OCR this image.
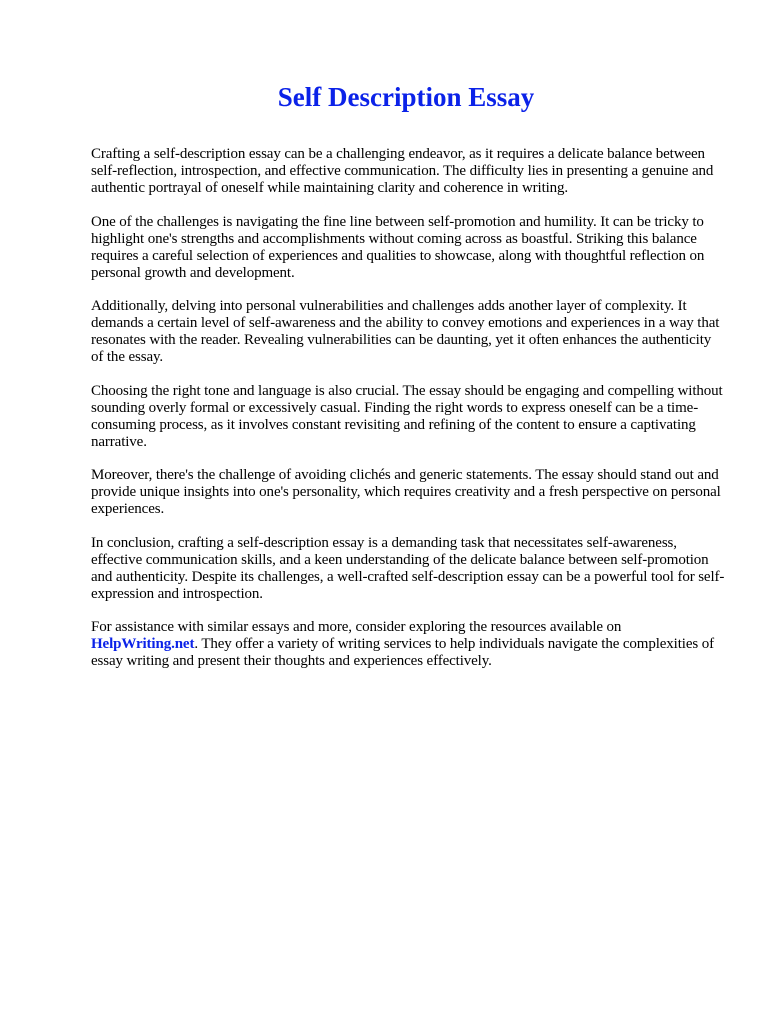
Self Description Essay

Crafting a self-description essay can be a challenging endeavor, as it requires a delicate balance between self-reflection, introspection, and effective communication. The difficulty lies in presenting a genuine and authentic portrayal of oneself while maintaining clarity and coherence in writing.

One of the challenges is navigating the fine line between self-promotion and humility. It can be tricky to highlight one's strengths and accomplishments without coming across as boastful. Striking this balance requires a careful selection of experiences and qualities to showcase, along with thoughtful reflection on personal growth and development.

Additionally, delving into personal vulnerabilities and challenges adds another layer of complexity. It demands a certain level of self-awareness and the ability to convey emotions and experiences in a way that resonates with the reader. Revealing vulnerabilities can be daunting, yet it often enhances the authenticity of the essay.

Choosing the right tone and language is also crucial. The essay should be engaging and compelling without sounding overly formal or excessively casual. Finding the right words to express oneself can be a time-consuming process, as it involves constant revisiting and refining of the content to ensure a captivating narrative.

Moreover, there's the challenge of avoiding clichés and generic statements. The essay should stand out and provide unique insights into one's personality, which requires creativity and a fresh perspective on personal experiences.

In conclusion, crafting a self-description essay is a demanding task that necessitates self-awareness, effective communication skills, and a keen understanding of the delicate balance between self-promotion and authenticity. Despite its challenges, a well-crafted self-description essay can be a powerful tool for self-expression and introspection.

For assistance with similar essays and more, consider exploring the resources available on HelpWriting.net. They offer a variety of writing services to help individuals navigate the complexities of essay writing and present their thoughts and experiences effectively.
